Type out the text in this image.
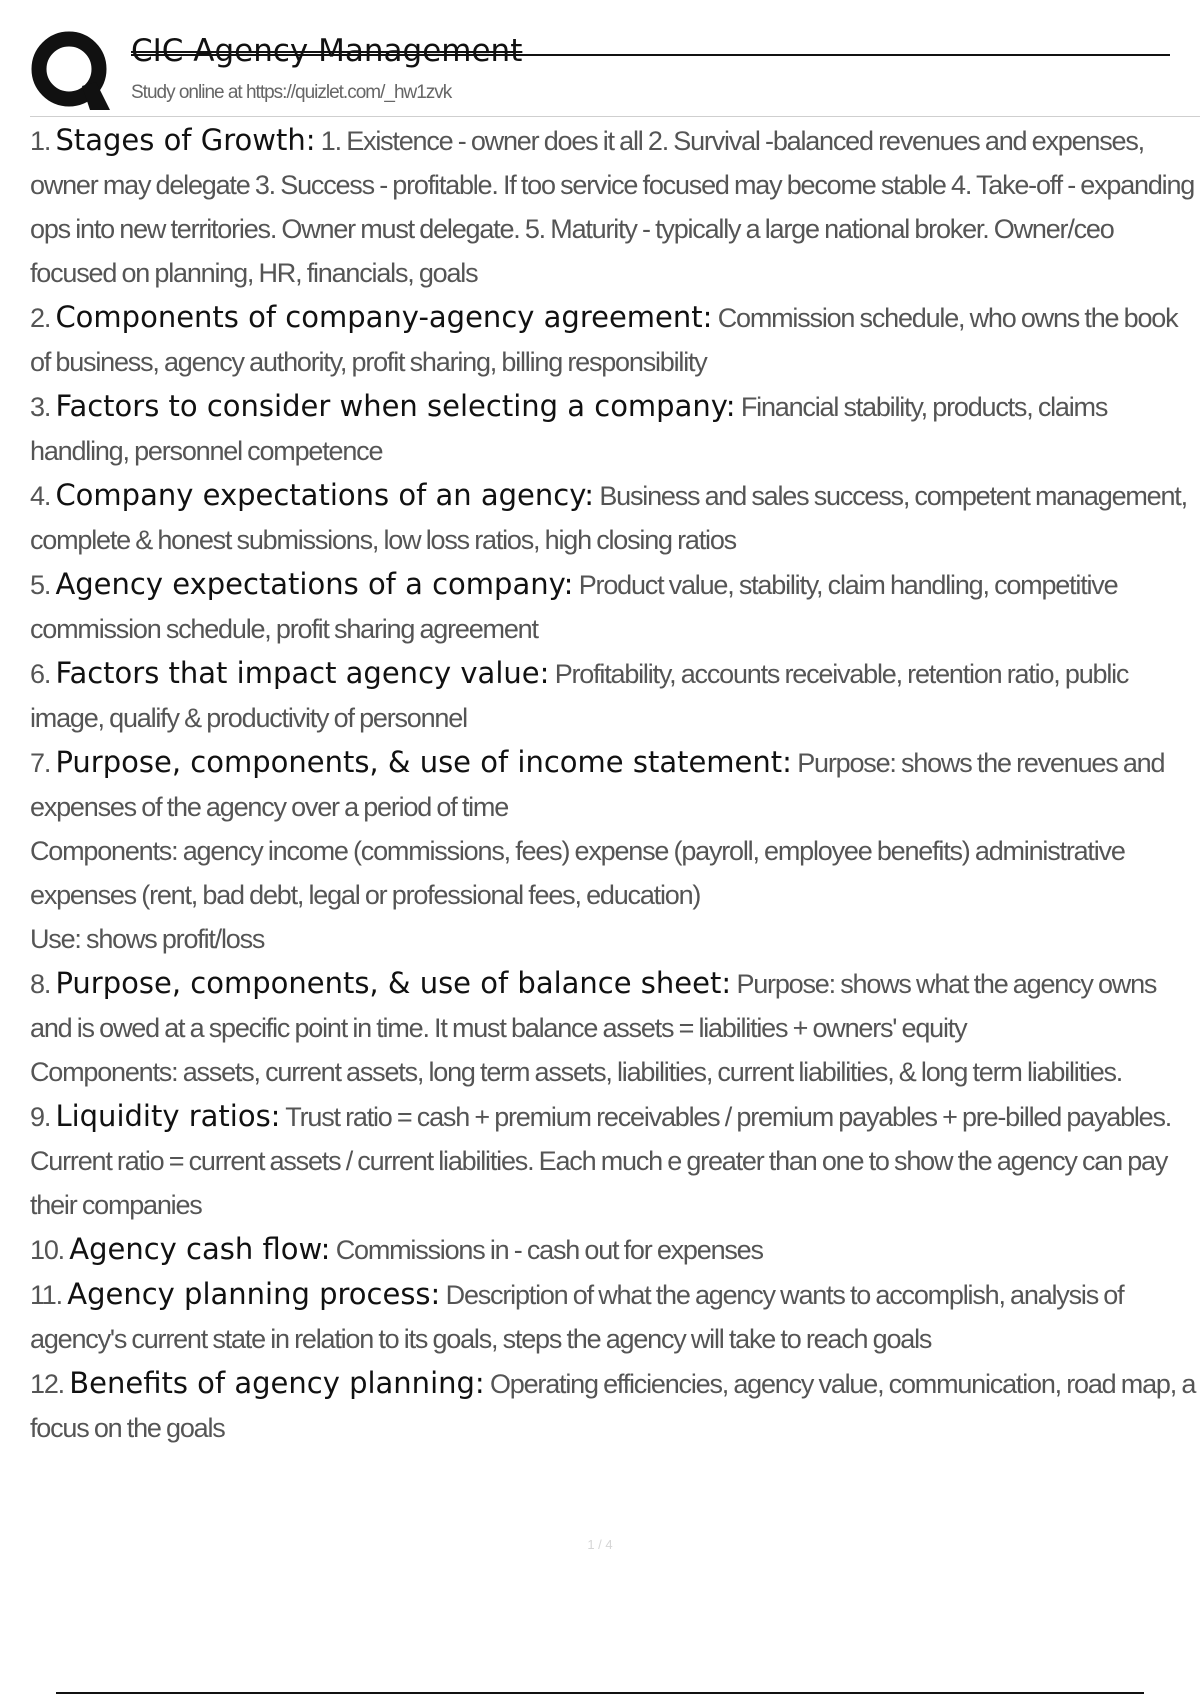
CIC Agency Management
Study online at https://quizlet.com/_hw1zvk
1. Stages of Growth: 1. Existence - owner does it all 2. Survival -balanced revenues and expenses, owner may delegate 3. Success - profitable. If too service focused may become stable 4. Take-off - expanding ops into new territories. Owner must delegate. 5. Maturity - typically a large national broker. Owner/ceo focused on planning, HR, financials, goals
2. Components of company-agency agreement: Commission schedule, who owns the book of business, agency authority, profit sharing, billing responsibility
3. Factors to consider when selecting a company: Financial stability, products, claims handling, personnel competence
4. Company expectations of an agency: Business and sales success, competent management, complete & honest submissions, low loss ratios, high closing ratios
5. Agency expectations of a company: Product value, stability, claim handling, competitive commission schedule, profit sharing agreement
6. Factors that impact agency value: Profitability, accounts receivable, retention ratio, public image, qualify & productivity of personnel
7. Purpose, components, & use of income statement: Purpose: shows the revenues and expenses of the agency over a period of time
Components: agency income (commissions, fees) expense (payroll, employee benefits) administrative expenses (rent, bad debt, legal or professional fees, education)
Use: shows profit/loss
8. Purpose, components, & use of balance sheet: Purpose: shows what the agency owns and is owed at a specific point in time. It must balance assets = liabilities + owners' equity
Components: assets, current assets, long term assets, liabilities, current liabilities, & long term liabilities.
9. Liquidity ratios: Trust ratio = cash + premium receivables / premium payables + pre-billed payables.
Current ratio = current assets / current liabilities. Each much e greater than one to show the agency can pay their companies
10. Agency cash flow: Commissions in - cash out for expenses
11. Agency planning process: Description of what the agency wants to accomplish, analysis of agency's current state in relation to its goals, steps the agency will take to reach goals
12. Benefits of agency planning: Operating efficiencies, agency value, communication, road map, a focus on the goals
1 / 4
